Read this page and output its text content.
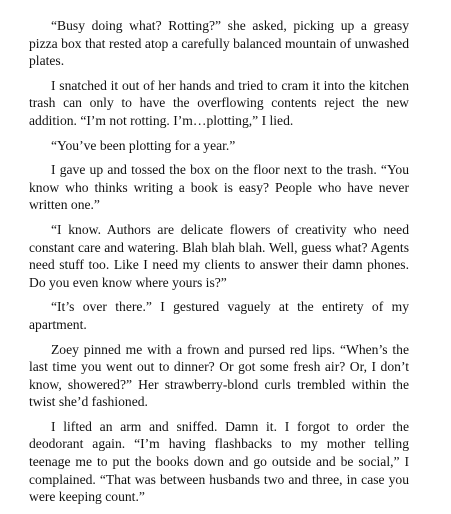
“Busy doing what? Rotting?” she asked, picking up a greasy pizza box that rested atop a carefully balanced mountain of unwashed plates.

I snatched it out of her hands and tried to cram it into the kitchen trash can only to have the overflowing contents reject the new addition. “I’m not rotting. I’m…plotting,” I lied.

“You’ve been plotting for a year.”

I gave up and tossed the box on the floor next to the trash. “You know who thinks writing a book is easy? People who have never written one.”

“I know. Authors are delicate flowers of creativity who need constant care and watering. Blah blah blah. Well, guess what? Agents need stuff too. Like I need my clients to answer their damn phones. Do you even know where yours is?”

“It’s over there.” I gestured vaguely at the entirety of my apartment.

Zoey pinned me with a frown and pursed red lips. “When’s the last time you went out to dinner? Or got some fresh air? Or, I don’t know, showered?” Her strawberry-blond curls trembled within the twist she’d fashioned.

I lifted an arm and sniffed. Damn it. I forgot to order the deodorant again. “I’m having flashbacks to my mother telling teenage me to put the books down and go outside and be social,” I complained. “That was between husbands two and three, in case you were keeping count.”
